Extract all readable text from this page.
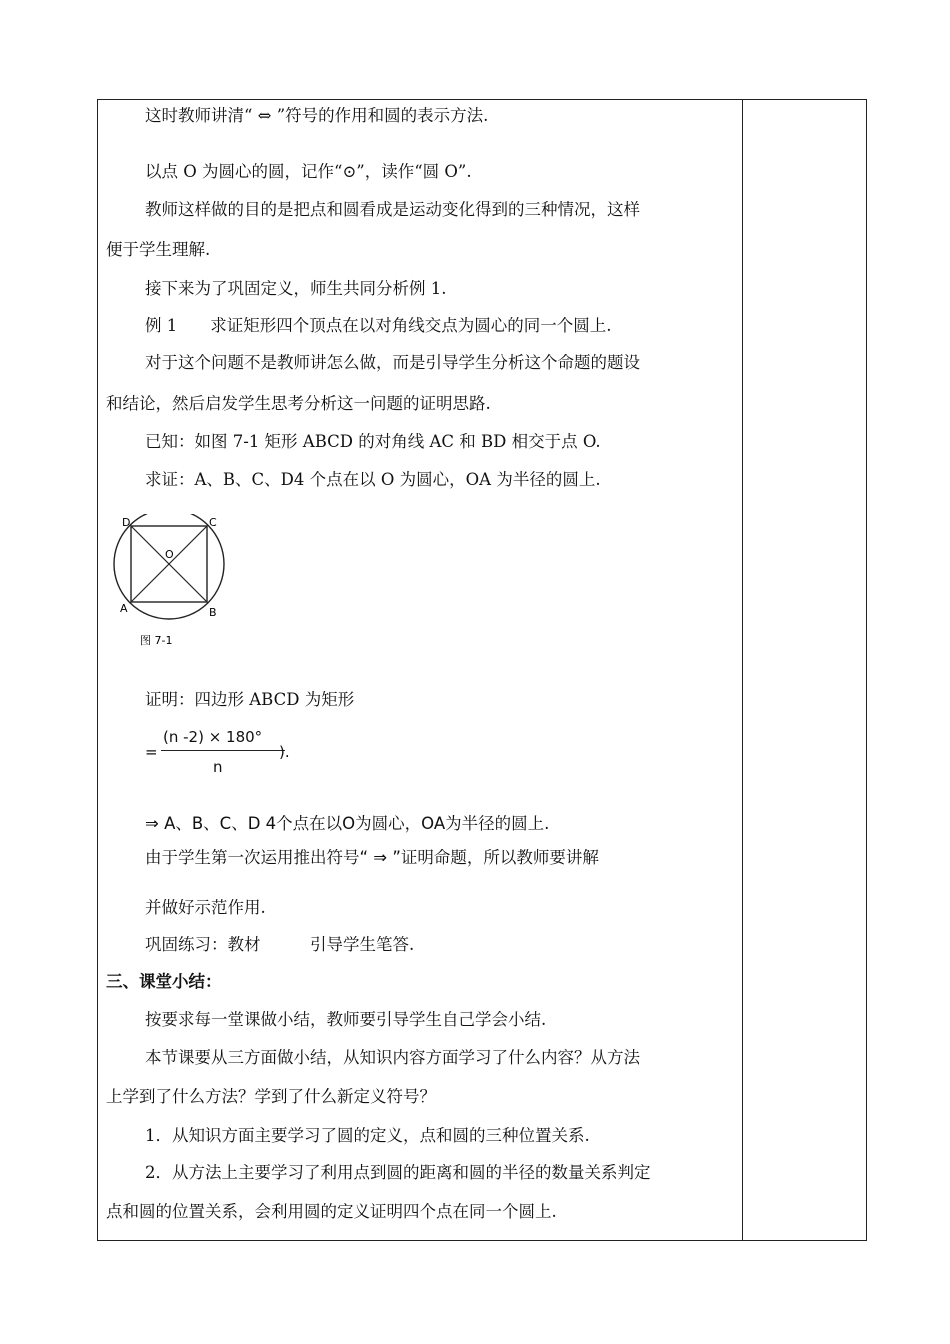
这时教师讲清“ ⇔ ”符号的作用和圆的表示方法.
以点 O 为圆心的圆，记作“⊙”，读作“圆 O”.
教师这样做的目的是把点和圆看成是运动变化得到的三种情况，这样
便于学生理解.
接下来为了巩固定义，师生共同分析例 1.
例 1　　求证矩形四个顶点在以对角线交点为圆心的同一个圆上.
对于这个问题不是教师讲怎么做，而是引导学生分析这个命题的题设
和结论，然后启发学生思考分析这一问题的证明思路.
已知：如图 7-1 矩形 ABCD 的对角线 AC 和 BD 相交于点 O.
求证：A、B、C、D4 个点在以 O 为圆心，OA 为半径的圆上.
D	C
O
A	B
图 7-1
证明：四边形 ABCD 为矩形
=
(n -2) × 180°
n
).
⇒ A、B、C、D 4个点在以O为圆心，OA为半径的圆上.
由于学生第一次运用推出符号“ ⇒ ”证明命题，所以教师要讲解
并做好示范作用.
巩固练习：教材　　　引导学生笔答.
三、课堂小结：
按要求每一堂课做小结，教师要引导学生自己学会小结.
本节课要从三方面做小结，从知识内容方面学习了什么内容？从方法
上学到了什么方法？学到了什么新定义符号？
1．从知识方面主要学习了圆的定义，点和圆的三种位置关系.
2．从方法上主要学习了利用点到圆的距离和圆的半径的数量关系判定
点和圆的位置关系，会利用圆的定义证明四个点在同一个圆上.
